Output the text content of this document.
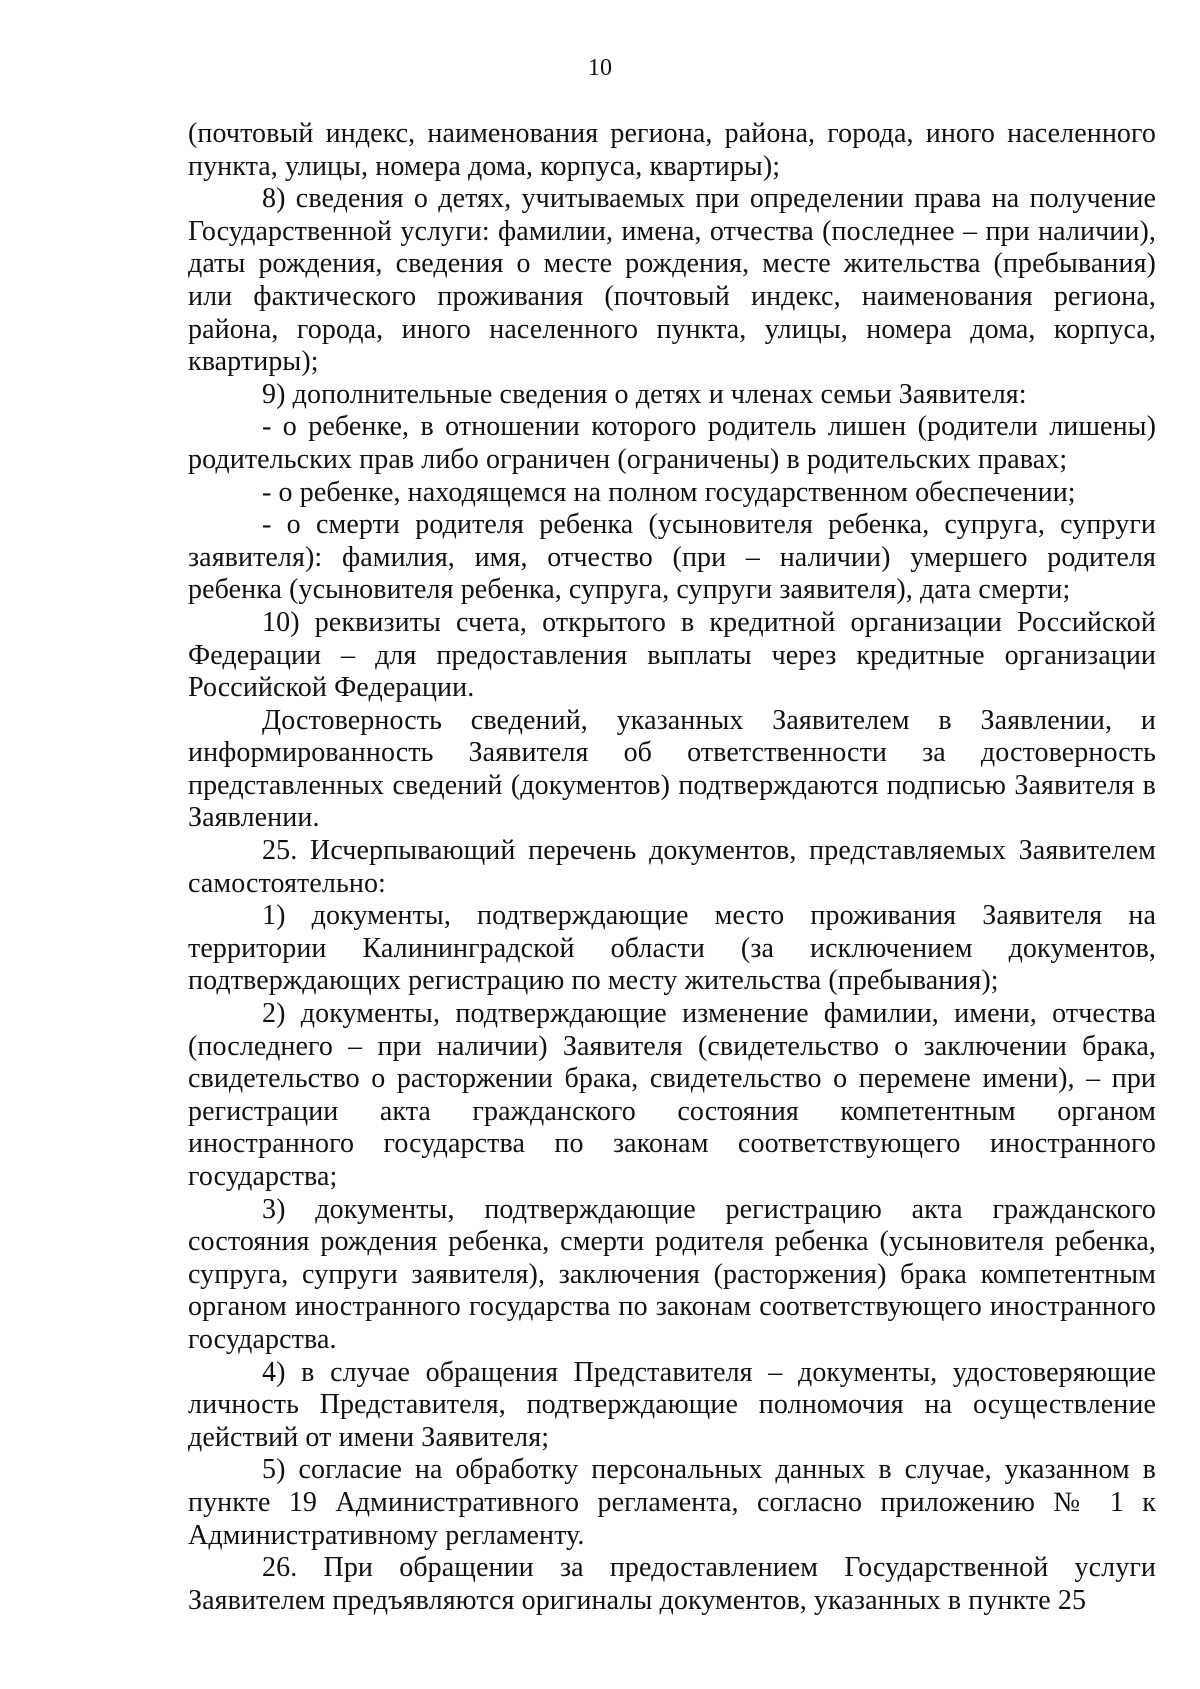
10

(почтовый индекс, наименования региона, района, города, иного населенного пункта, улицы, номера дома, корпуса, квартиры);

8) сведения о детях, учитываемых при определении права на получение Государственной услуги: фамилии, имена, отчества (последнее – при наличии), даты рождения, сведения о месте рождения, месте жительства (пребывания) или фактического проживания (почтовый индекс, наименования региона, района, города, иного населенного пункта, улицы, номера дома, корпуса, квартиры);

9) дополнительные сведения о детях и членах семьи Заявителя:

- о ребенке, в отношении которого родитель лишен (родители лишены) родительских прав либо ограничен (ограничены) в родительских правах;

- о ребенке, находящемся на полном государственном обеспечении;

- о смерти родителя ребенка (усыновителя ребенка, супруга, супруги заявителя): фамилия, имя, отчество (при – наличии) умершего родителя ребенка (усыновителя ребенка, супруга, супруги заявителя), дата смерти;

10) реквизиты счета, открытого в кредитной организации Российской Федерации – для предоставления выплаты через кредитные организации Российской Федерации.

Достоверность сведений, указанных Заявителем в Заявлении, и информированность Заявителя об ответственности за достоверность представленных сведений (документов) подтверждаются подписью Заявителя в Заявлении.

25. Исчерпывающий перечень документов, представляемых Заявителем самостоятельно:

1) документы, подтверждающие место проживания Заявителя на территории Калининградской области (за исключением документов, подтверждающих регистрацию по месту жительства (пребывания);

2) документы, подтверждающие изменение фамилии, имени, отчества (последнего – при наличии) Заявителя (свидетельство о заключении брака, свидетельство о расторжении брака, свидетельство о перемене имени), – при регистрации акта гражданского состояния компетентным органом иностранного государства по законам соответствующего иностранного государства;

3) документы, подтверждающие регистрацию акта гражданского состояния рождения ребенка, смерти родителя ребенка (усыновителя ребенка, супруга, супруги заявителя), заключения (расторжения) брака компетентным органом иностранного государства по законам соответствующего иностранного государства.

4) в случае обращения Представителя – документы, удостоверяющие личность Представителя, подтверждающие полномочия на осуществление действий от имени Заявителя;

5) согласие на обработку персональных данных в случае, указанном в пункте 19 Административного регламента, согласно приложению № 1 к Административному регламенту.

26. При обращении за предоставлением Государственной услуги Заявителем предъявляются оригиналы документов, указанных в пункте 25
